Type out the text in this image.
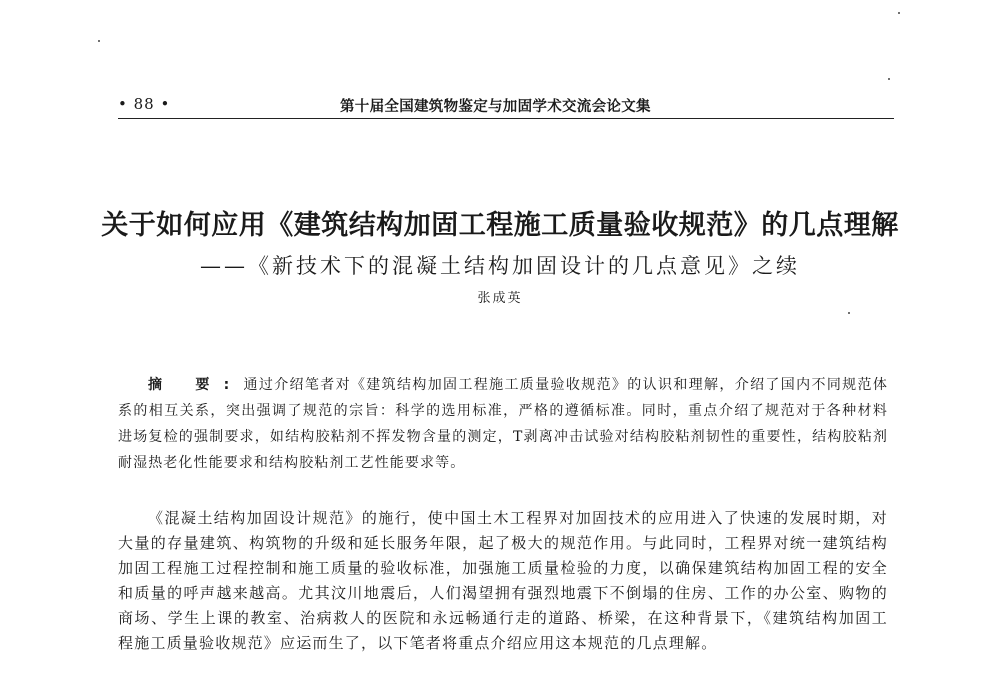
• 88 •	第十届全国建筑物鉴定与加固学术交流会论文集
关于如何应用《建筑结构加固工程施工质量验收规范》的几点理解
——《新技术下的混凝土结构加固设计的几点意见》之续
张成英
摘 要:通过介绍笔者对《建筑结构加固工程施工质量验收规范》的认识和理解，介绍了国内不同规范体系的相互关系，突出强调了规范的宗旨：科学的选用标准，严格的遵循标准。同时，重点介绍了规范对于各种材料进场复检的强制要求，如结构胶粘剂不挥发物含量的测定，T剥离冲击试验对结构胶粘剂韧性的重要性，结构胶粘剂耐湿热老化性能要求和结构胶粘剂工艺性能要求等。
《混凝土结构加固设计规范》的施行，使中国土木工程界对加固技术的应用进入了快速的发展时期，对大量的存量建筑、构筑物的升级和延长服务年限，起了极大的规范作用。与此同时，工程界对统一建筑结构加固工程施工过程控制和施工质量的验收标准，加强施工质量检验的力度，以确保建筑结构加固工程的安全和质量的呼声越来越高。尤其汶川地震后，人们渴望拥有强烈地震下不倒塌的住房、工作的办公室、购物的商场、学生上课的教室、治病救人的医院和永远畅通行走的道路、桥梁，在这种背景下，《建筑结构加固工程施工质量验收规范》应运而生了，以下笔者将重点介绍应用这本规范的几点理解。
